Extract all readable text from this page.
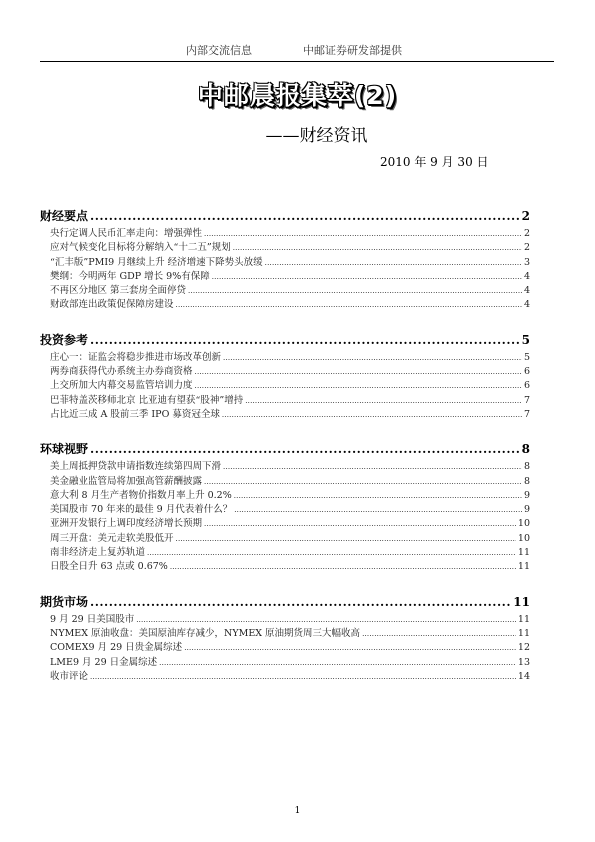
内部交流信息	中邮证券研发部提供
中邮晨报集萃(2)
——财经资讯
2010 年 9 月 30 日
财经要点 .....	2
央行定调人民币汇率走向：增强弹性 .....	2
应对气候变化目标将分解纳入“十二五”规划 .....	2
“汇丰版”PMI9 月继续上升 经济增速下降势头放缓 .....	3
樊纲：今明两年 GDP 增长 9%有保障 .....	4
不再区分地区 第三套房全面停贷 .....	4
财政部连出政策促保障房建设 .....	4
投资参考 .....	5
庄心一：证监会将稳步推进市场改革创新 .....	5
两券商获得代办系统主办券商资格 .....	6
上交所加大内幕交易监管培训力度 .....	6
巴菲特盖茨移师北京 比亚迪有望获“股神”增持 .....	7
占比近三成 A 股前三季 IPO 募资冠全球 .....	7
环球视野 .....	8
美上周抵押贷款申请指数连续第四周下滑 .....	8
美金融业监管局将加强高管薪酬披露 .....	8
意大利 8 月生产者物价指数月率上升 0.2% .....	9
美国股市 70 年来的最佳 9 月代表着什么？ .....	9
亚洲开发银行上调印度经济增长预期 .....	10
周三开盘：美元走软美股低开 .....	10
南非经济走上复苏轨道 .....	11
日股全日升 63 点或 0.67% .....	11
期货市场 .....	11
9 月 29 日美国股市 .....	11
NYMEX 原油收盘：美国原油库存减少，NYMEX 原油期货周三大幅收高 .....	11
COMEX9 月 29 日贵金属综述 .....	12
LME9 月 29 日金属综述 .....	13
收市评论 .....	14
1
